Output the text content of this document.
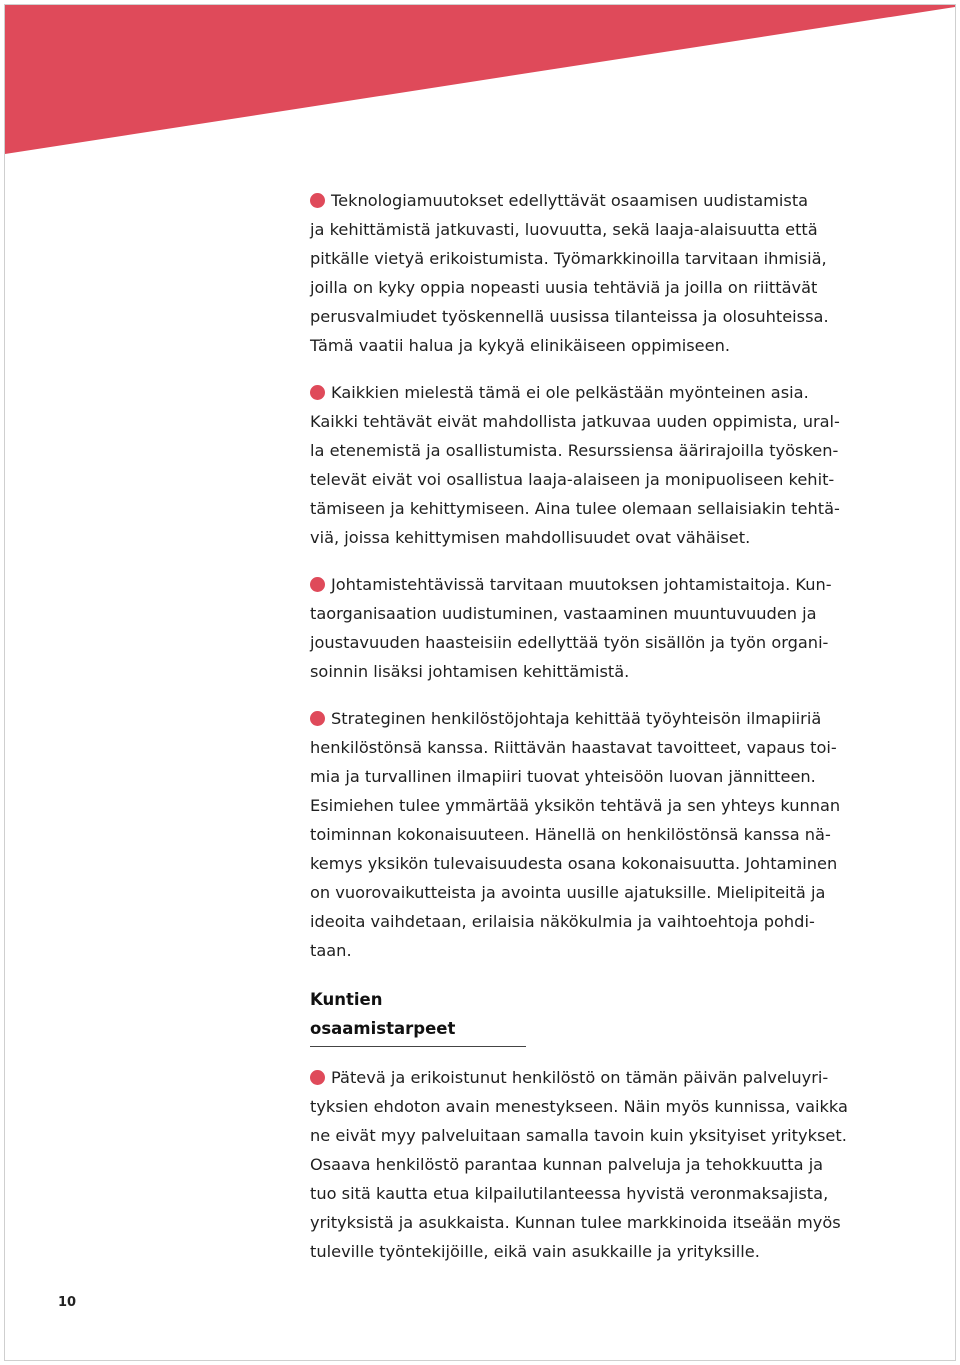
Teknologiamuutokset edellyttävät osaamisen uudistamista
ja kehittämistä jatkuvasti, luovuutta, sekä laaja-alaisuutta että
pitkälle vietyä erikoistumista. Työmarkkinoilla tarvitaan ihmisiä,
joilla on kyky oppia nopeasti uusia tehtäviä ja joilla on riittävät
perusvalmiudet työskennellä uusissa tilanteissa ja olosuhteissa.
Tämä vaatii halua ja kykyä elinikäiseen oppimiseen.
Kaikkien mielestä tämä ei ole pelkästään myönteinen asia.
Kaikki tehtävät eivät mahdollista jatkuvaa uuden oppimista, ural-
la etenemistä ja osallistumista. Resurssiensa äärirajoilla työsken-
televät eivät voi osallistua laaja-alaiseen ja monipuoliseen kehit-
tämiseen ja kehittymiseen. Aina tulee olemaan sellaisiakin tehtä-
viä, joissa kehittymisen mahdollisuudet ovat vähäiset.
Johtamistehtävissä tarvitaan muutoksen johtamistaitoja. Kun-
taorganisaation uudistuminen, vastaaminen muuntuvuuden ja
joustavuuden haasteisiin edellyttää työn sisällön ja työn organi-
soinnin lisäksi johtamisen kehittämistä.
Strateginen henkilöstöjohtaja kehittää työyhteisön ilmapiiriä
henkilöstönsä kanssa. Riittävän haastavat tavoitteet, vapaus toi-
mia ja turvallinen ilmapiiri tuovat yhteisöön luovan jännitteen.
Esimiehen tulee ymmärtää yksikön tehtävä ja sen yhteys kunnan
toiminnan kokonaisuuteen. Hänellä on henkilöstönsä kanssa nä-
kemys yksikön tulevaisuudesta osana kokonaisuutta. Johtaminen
on vuorovaikutteista ja avointa uusille ajatuksille. Mielipiteitä ja
ideoita vaihdetaan, erilaisia näkökulmia ja vaihtoehtoja pohdi-
taan.
Kuntien osaamistarpeet
Pätevä ja erikoistunut henkilöstö on tämän päivän palveluyri-
tyksien ehdoton avain menestykseen. Näin myös kunnissa, vaikka
ne eivät myy palveluitaan samalla tavoin kuin yksityiset yritykset.
Osaava henkilöstö parantaa kunnan palveluja ja tehokkuutta ja
tuo sitä kautta etua kilpailutilanteessa hyvistä veronmaksajista,
yrityksistä ja asukkaista. Kunnan tulee markkinoida itseään myös
tuleville työntekijöille, eikä vain asukkaille ja yrityksille.
10
